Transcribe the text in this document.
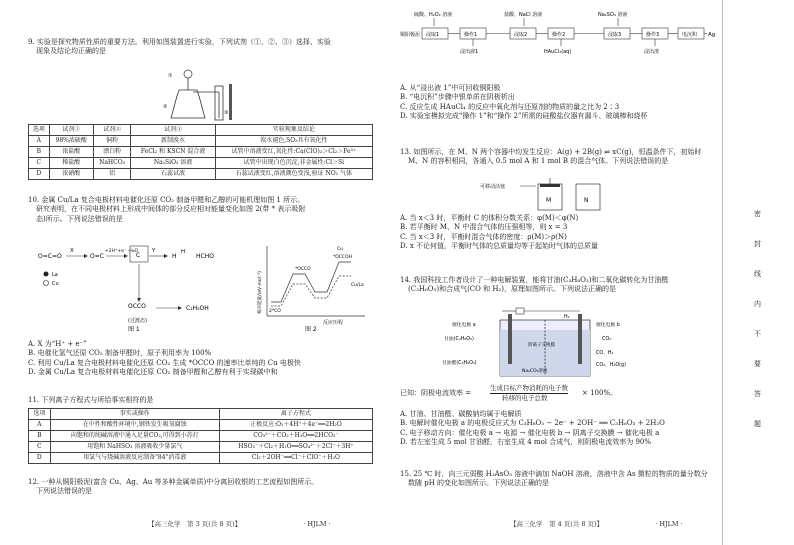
9. 实验是探究物质性质的重要方法。利用如图装置进行实验，下列试剂（①、②、③）选择、实验
现象及结论均正确的是
①
②
③
选项	试剂①	试剂②	试剂③	实验现象及结论
A	98%浓硫酸	铜粉	新制溴水	溴水褪色,SO₂具有氧化性
B	浓盐酸	漂白粉	FeCl₂ 和 KSCN 混合液	试管中溶液变红,氧化性:Ca(ClO)₂＞Cl₂＞Fe³⁺
C	稀盐酸	NaHCO₃	Na₂SiO₃ 溶液	试管中出现白色沉淀,非金属性:Cl＞Si
D	浓硝酸	铝	石蕊试液	石蕊试液变红,溶液颜色变浅,验证 NO₂ 气体
10. 金属 Cu/La 复合电极材料电催化还原 CO₂ 制备甲醛和乙醇的可能机理如图 1 所示。
研究表明，在不同电极材料上形成中间体的部分反应相对能量变化如图 2(带 * 表示吸附
态)所示。下列说法错误的是
O=C=O
X
O=C
+2H⁺+e⁻ -H₂O
C
Y
H
H
HCHO
La
Cu
OCCO	C₂H₅OH
(过渡态)
图 1
相对能量/(eV·mol⁻¹)
反应历程
2*CO
*OCCO
*OCCOH
Cu
Cu/La
图 2
A. X 为“H⁺ + e⁻”
B. 电催化氢气还原 CO₂ 制备甲醛时，原子利用率为 100%
C. 利用 Cu/La 复合电极材料电催化还原 CO₂ 生成 *OCCO 的速率比单纯的 Cu 电极快
D. 金属 Cu/La 复合电极材料电催化还原 CO₂ 制备甲醛和乙醇有利于实现碳中和
11. 下列离子方程式与所给事实相符的是
选项	事实或操作	离子方程式
A	在中性和酸性环境中,钢铁发生吸氧腐蚀	正极反应:O₂＋4H⁺＋4e⁻══2H₂O
B	向饱和的纯碱溶液中通入足量CO₂,可得到小苏打	CO₃²⁻＋CO₂＋H₂O══2HCO₃⁻
C	用饱和 NaHSO₃ 溶液吸收少量氯气	HSO₃⁻＋Cl₂＋H₂O══SO₄²⁻＋2Cl⁻＋3H⁺
D	用氯气与烧碱溶液反应制备"84"消毒液	Cl₂＋2OH⁻══Cl⁻＋ClO⁻＋H₂O
12. 一种从铜阳极泥(富含 Cu、Ag、Au 等多种金属单质)中分离回收银的工艺流程如图所示。
下列说法错误的是
【高三化学　第 3 页(共 8 页)】	· HJLM ·
硫酸、H₂O₂ 溶液	盐酸、NaCl 溶液	Na₂SO₃ 溶液
铜阳极泥 浸取1	操作1	浸取2	操作2	浸取3	操作3	电沉积 Ag
浸出液1	HAuCl₄(aq)	浸出渣
A. 从“浸出液 1”中可回收铜阳极
B. “电沉积”步骤中银单质在阴极析出
C. 反应生成 HAuCl₄ 的反应中氧化剂与还原剂的物质的量之比为 2∶3
D. 实验室模拟完成“操作 1”和“操作 2”所需的硅酸盐仪器有漏斗、玻璃棒和烧杯
13. 如图所示，在 M、N 两个容器中均发生反应：A(g) + 2B(g) ⇌ xC(g)，恒温条件下，初始时
M、N 的容积相同，各通入 0.5 mol A 和 1 mol B 的混合气体。下列说法错误的是
可移动活塞
M	N
A. 当 x＜3 时，平衡时 C 的体积分数关系：φ(M)＜φ(N)
B. 若平衡时 M、N 中混合气体的压强相等，则 x = 3
C. 当 x＜3 时，平衡时混合气体的密度：ρ(M)＞ρ(N)
D. x 不论何值，平衡时气体的总质量均等于起始时气体的总质量
14. 我国科技工作者设计了一种电解装置，能将甘油(C₃H₈O₃)和二氧化碳转化为甘油醛
(C₃H₆O₃)和合成气(CO 和 H₂)，原理如图所示。下列说法正确的是
催化电极 a
甘油(C₃H₈O₃)
甘油醛(C₃H₆O₃)
阴离子交换膜
Na₂CO₃溶液
催化电极 b
CO₂
CO、H₂
CO₂、H₂O(g)
H₂
已知：阴极电流效率 =
生成目标产物消耗的电子数
转移的电子总数
× 100%。
A. 甘油、甘油醛、碳酸钠均属于电解质
B. 电解时催化电极 a 的电极反应式为 C₃H₈O₃ − 2e⁻ + 2OH⁻ ══ C₃H₆O₃ + 2H₂O
C. 电子移动方向：催化电极 a → 电源 → 催化电极 b → 阴离子交换膜 → 催化电极 a
D. 若左室生成 5 mol 甘油醛，右室生成 4 mol 合成气，则阴极电流效率为 90%
15. 25 ℃ 时，向三元弱酸 H₃AsO₃ 溶液中滴加 NaOH 溶液，溶液中含 As 微粒的物质的量分数分
数随 pH 的变化如图所示。下列说法正确的是
【高三化学　第 4 页(共 8 页)】	· HJLM ·
密
封
线
内
不
要
答
题
